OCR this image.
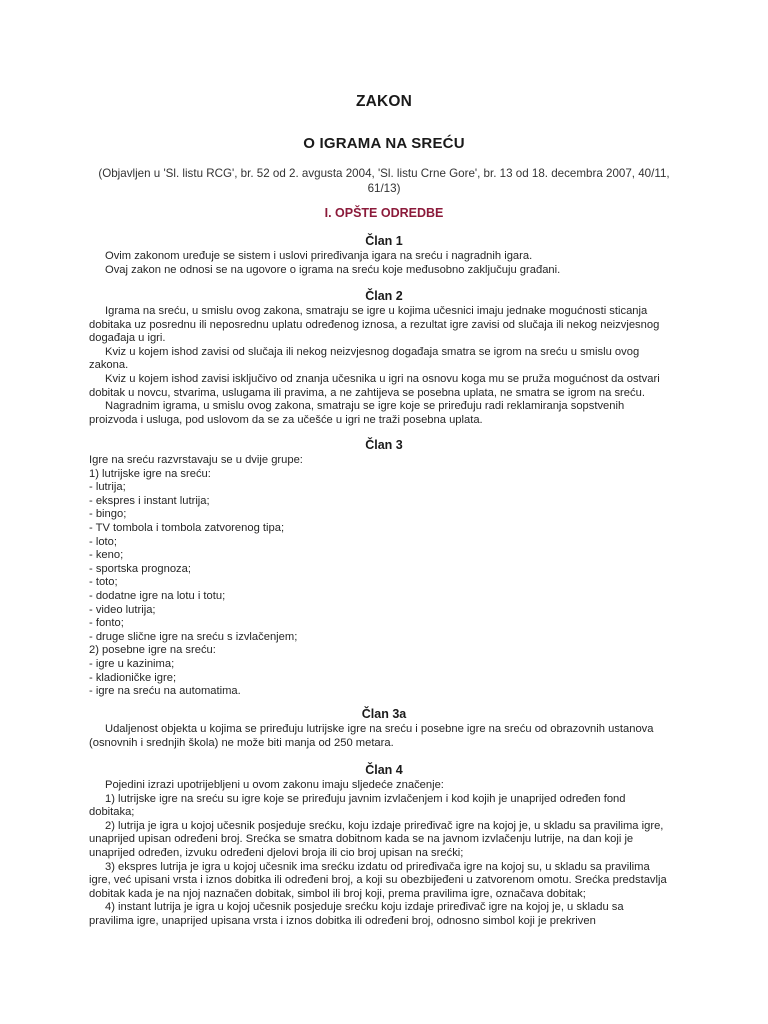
ZAKON
O IGRAMA NA SREĆU
(Objavljen u 'Sl. listu RCG', br. 52 od 2. avgusta 2004, 'Sl. listu Crne Gore', br. 13 od 18. decembra 2007, 40/11,
61/13)
I. OPŠTE ODREDBE
Član 1
Ovim zakonom uređuje se sistem i uslovi priređivanja igara na sreću i nagradnih igara.
Ovaj zakon ne odnosi se na ugovore o igrama na sreću koje međusobno zaključuju građani.
Član 2
Igrama na sreću, u smislu ovog zakona, smatraju se igre u kojima učesnici imaju jednake mogućnosti sticanja
dobitaka uz posrednu ili neposrednu uplatu određenog iznosa, a rezultat igre zavisi od slučaja ili nekog neizvjesnog
događaja u igri.
Kviz u kojem ishod zavisi od slučaja ili nekog neizvjesnog događaja smatra se igrom na sreću u smislu ovog
zakona.
Kviz u kojem ishod zavisi isključivo od znanja učesnika u igri na osnovu koga mu se pruža mogućnost da ostvari
dobitak u novcu, stvarima, uslugama ili pravima, a ne zahtijeva se posebna uplata, ne smatra se igrom na sreću.
Nagradnim igrama, u smislu ovog zakona, smatraju se igre koje se priređuju radi reklamiranja sopstvenih
proizvoda i usluga, pod uslovom da se za učešće u igri ne traži posebna uplata.
Član 3
Igre na sreću razvrstavaju se u dvije grupe:
1) lutrijske igre na sreću:
- lutrija;
- ekspres i instant lutrija;
- bingo;
- TV tombola i tombola zatvorenog tipa;
- loto;
- keno;
- sportska prognoza;
- toto;
- dodatne igre na lotu i totu;
- video lutrija;
- fonto;
- druge slične igre na sreću s izvlačenjem;
2) posebne igre na sreću:
- igre u kazinima;
- kladioničke igre;
- igre na sreću na automatima.
Član 3a
Udaljenost objekta u kojima se priređuju lutrijske igre na sreću i posebne igre na sreću od obrazovnih ustanova
(osnovnih i srednjih škola) ne može biti manja od 250 metara.
Član 4
Pojedini izrazi upotrijebljeni u ovom zakonu imaju sljedeće značenje:
1) lutrijske igre na sreću su igre koje se priređuju javnim izvlačenjem i kod kojih je unaprijed određen fond
dobitaka;
2) lutrija je igra u kojoj učesnik posjeduje srećku, koju izdaje priređivač igre na kojoj je, u skladu sa pravilima igre,
unaprijed upisan određeni broj. Srećka se smatra dobitnom kada se na javnom izvlačenju lutrije, na dan koji je
unaprijed određen, izvuku određeni djelovi broja ili cio broj upisan na srećki;
3) ekspres lutrija je igra u kojoj učesnik ima srećku izdatu od priređivača igre na kojoj su, u skladu sa pravilima
igre, već upisani vrsta i iznos dobitka ili određeni broj, a koji su obezbijeđeni u zatvorenom omotu. Srećka predstavlja
dobitak kada je na njoj naznačen dobitak, simbol ili broj koji, prema pravilima igre, označava dobitak;
4) instant lutrija je igra u kojoj učesnik posjeduje srećku koju izdaje priređivač igre na kojoj je, u skladu sa
pravilima igre, unaprijed upisana vrsta i iznos dobitka ili određeni broj, odnosno simbol koji je prekriven
